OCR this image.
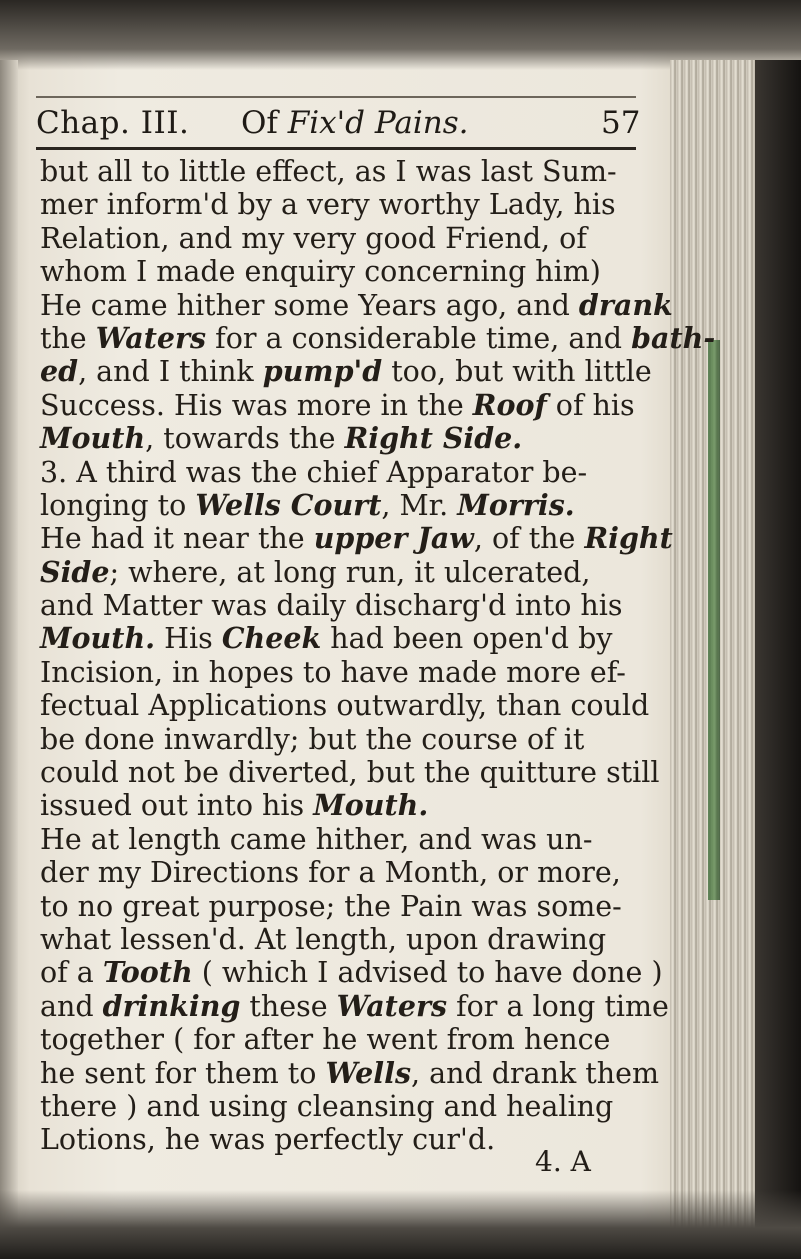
Chap. III. Of Fix'd Pains.	57
but all to little effect, as I was last Sum-
mer inform'd by a very worthy Lady, his
Relation, and my very good Friend, of
whom I made enquiry concerning him)
He came hither some Years ago, and drank
the Waters for a considerable time, and bath-
ed, and I think pump'd too, but with little
Success. His was more in the Roof of his
Mouth, towards the Right Side.
3. A third was the chief Apparator be-
longing to Wells Court, Mr. Morris.
He had it near the upper Jaw, of the Right
Side; where, at long run, it ulcerated,
and Matter was daily discharg'd into his
Mouth. His Cheek had been open'd by
Incision, in hopes to have made more ef-
fectual Applications outwardly, than could
be done inwardly; but the course of it
could not be diverted, but the quitture still
issued out into his Mouth.
He at length came hither, and was un-
der my Directions for a Month, or more,
to no great purpose; the Pain was some-
what lessen'd. At length, upon drawing
of a Tooth ( which I advised to have done )
and drinking these Waters for a long time
together ( for after he went from hence
he sent for them to Wells, and drank them
there ) and using cleansing and healing
Lotions, he was perfectly cur'd.
4. A
